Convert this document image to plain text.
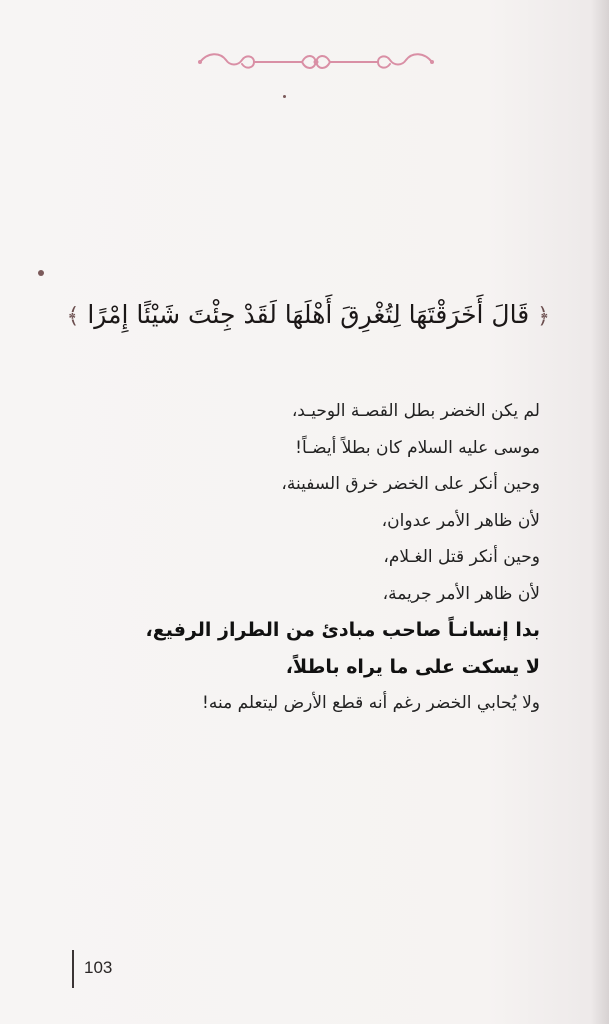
﴿ قَالَ أَخَرَقْتَهَا لِتُغْرِقَ أَهْلَهَا لَقَدْ جِئْتَ شَيْئًا إِمْرًا ﴾
لم يكن الخضر بطل القصـة الوحيـد،
موسى عليه السلام كان بطلاً أيضـاً!
وحين أنكر على الخضر خرق السفينة،
لأن ظاهر الأمر عدوان،
وحين أنكر قتل الغـلام،
لأن ظاهر الأمر جريمة،
بدا إنسانـاً صاحب مبادئ من الطراز الرفيع،
لا يسكت على ما يراه باطلاً،
ولا يُحابي الخضر رغم أنه قطع الأرض ليتعلم منه!
103
